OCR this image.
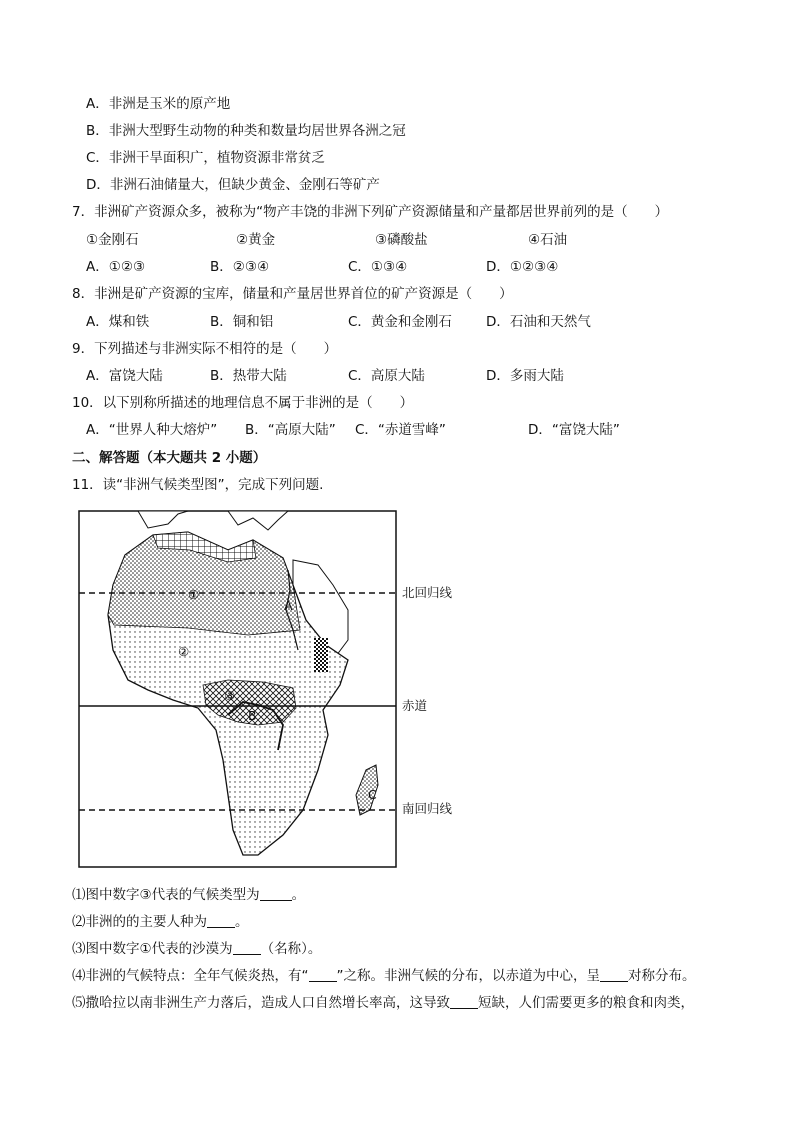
A．非洲是玉米的原产地
B．非洲大型野生动物的种类和数量均居世界各洲之冠
C．非洲干旱面积广，植物资源非常贫乏
D．非洲石油储量大，但缺少黄金、金刚石等矿产
7．非洲矿产资源众多，被称为“物产丰饶的非洲下列矿产资源储量和产量都居世界前列的是（　　）
①金刚石	②黄金	③磷酸盐	④石油
A．①②③	B．②③④	C．①③④	D．①②③④
8．非洲是矿产资源的宝库，储量和产量居世界首位的矿产资源是（　　）
A．煤和铁	B．铜和铝	C．黄金和金刚石	D．石油和天然气
9．下列描述与非洲实际不相符的是（　　）
A．富饶大陆	B．热带大陆	C．高原大陆	D．多雨大陆
10．以下别称所描述的地理信息不属于非洲的是（　　）
A．“世界人种大熔炉” B．“高原大陆” C．“赤道雪峰”	D．“富饶大陆”
二、解答题（本大题共 2 小题）
11．读“非洲气候类型图”，完成下列问题.
北回归线
赤道
南回归线
①
②
③
A
B
C
⑴图中数字③代表的气候类型为 。
⑵非洲的的主要人种为 。
⑶图中数字①代表的沙漠为 （名称）。
⑷非洲的气候特点：全年气候炎热，有“ ”之称。非洲气候的分布，以赤道为中心，呈 对称分布。
⑸撒哈拉以南非洲生产力落后，造成人口自然增长率高，这导致 短缺，人们需要更多的粮食和肉类，
